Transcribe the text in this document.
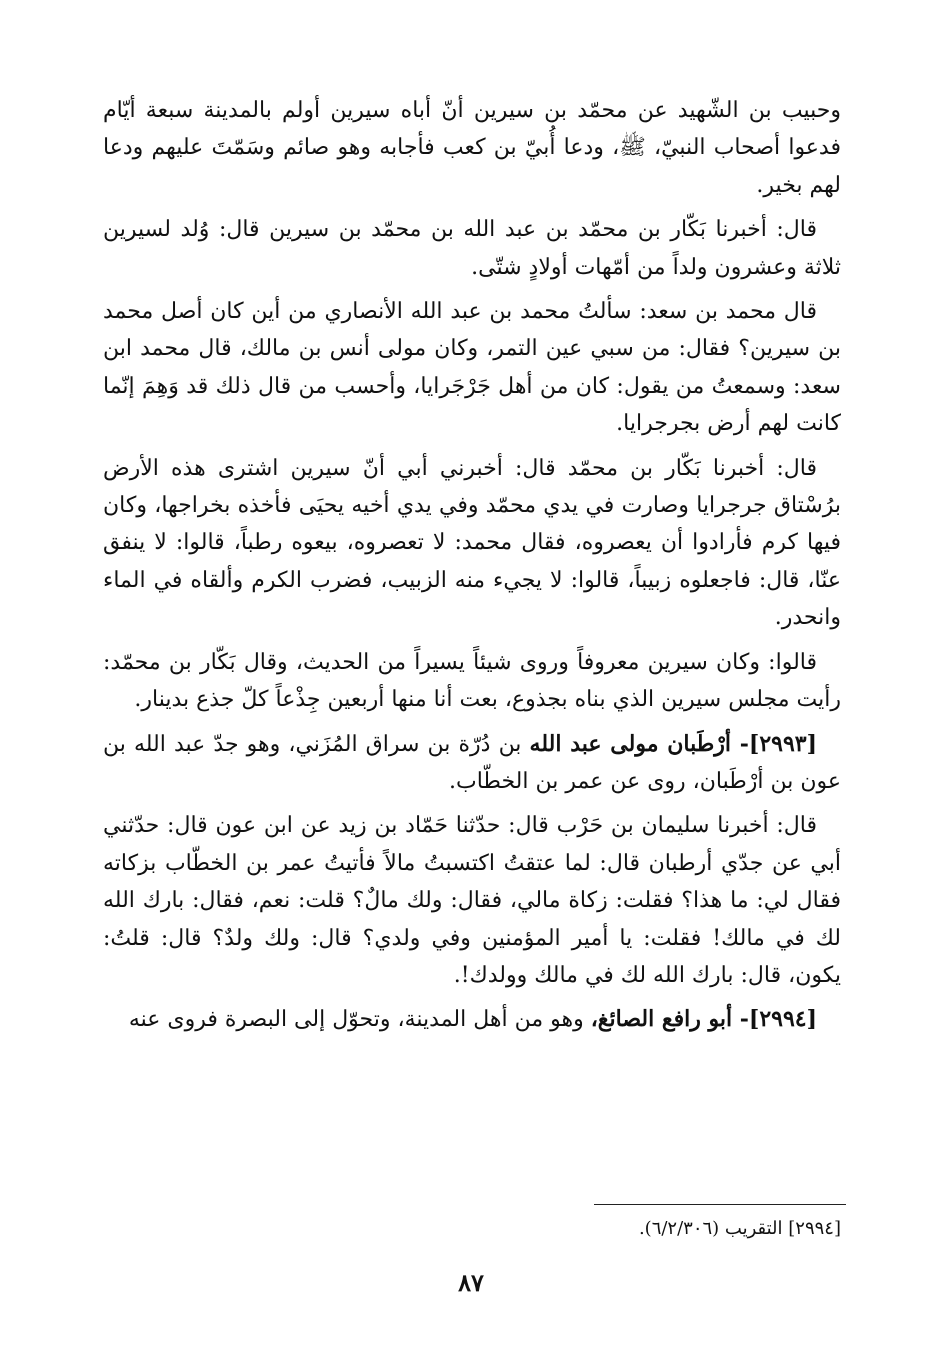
وحبيب بن الشّهيد عن محمّد بن سيرين أنّ أباه سيرين أولم بالمدينة سبعة أيّام فدعوا أصحاب النبيّ، ﷺ، ودعا أُبيّ بن كعب فأجابه وهو صائم وسَمّتَ عليهم ودعا لهم بخير.

قال: أخبرنا بَكّار بن محمّد بن عبد الله بن محمّد بن سيرين قال: وُلد لسيرين ثلاثة وعشرون ولداً من أمّهات أولادٍ شتّى.

قال محمد بن سعد: سألتُ محمد بن عبد الله الأنصاري من أين كان أصل محمد بن سيرين؟ فقال: من سبي عين التمر، وكان مولى أنس بن مالك، قال محمد ابن سعد: وسمعتُ من يقول: كان من أهل جَرْجَرايا، وأحسب من قال ذلك قد وَهِمَ إنّما كانت لهم أرض بجرجرايا.

قال: أخبرنا بَكّار بن محمّد قال: أخبرني أبي أنّ سيرين اشترى هذه الأرض برُسْتاق جرجرايا وصارت في يدي محمّد وفي يدي أخيه يحيَى فأخذه بخراجها، وكان فيها كرم فأرادوا أن يعصروه، فقال محمد: لا تعصروه، بيعوه رطباً، قالوا: لا ينفق عنّا، قال: فاجعلوه زبيباً، قالوا: لا يجيء منه الزبيب، فضرب الكرم وألقاه في الماء وانحدر.

قالوا: وكان سيرين معروفاً وروى شيئاً يسيراً من الحديث، وقال بَكّار بن محمّد: رأيت مجلس سيرين الذي بناه بجذوع، بعت أنا منها أربعين جِذْعاً كلّ جذع بدينار.

[٢٩٩٣]- أرْطَبان مولى عبد الله بن دُرّة بن سراق المُزَني، وهو جدّ عبد الله بن عون بن أرْطَبان، روى عن عمر بن الخطّاب.

قال: أخبرنا سليمان بن حَرْب قال: حدّثنا حَمّاد بن زيد عن ابن عون قال: حدّثني أبي عن جدّي أرطبان قال: لما عتقتُ اكتسبتُ مالاً فأتيتُ عمر بن الخطّاب بزكاته فقال لي: ما هذا؟ فقلت: زكاة مالي، فقال: ولك مالٌ؟ قلت: نعم، فقال: بارك الله لك في مالك! فقلت: يا أمير المؤمنين وفي ولدي؟ قال: ولك ولدٌ؟ قال: قلتُ: يكون، قال: بارك الله لك في مالك وولدك!.

[٢٩٩٤]- أبو رافع الصائغ، وهو من أهل المدينة، وتحوّل إلى البصرة فروى عنه

[٢٩٩٤] التقريب (٦/٢/٣٠٦).
٨٧
